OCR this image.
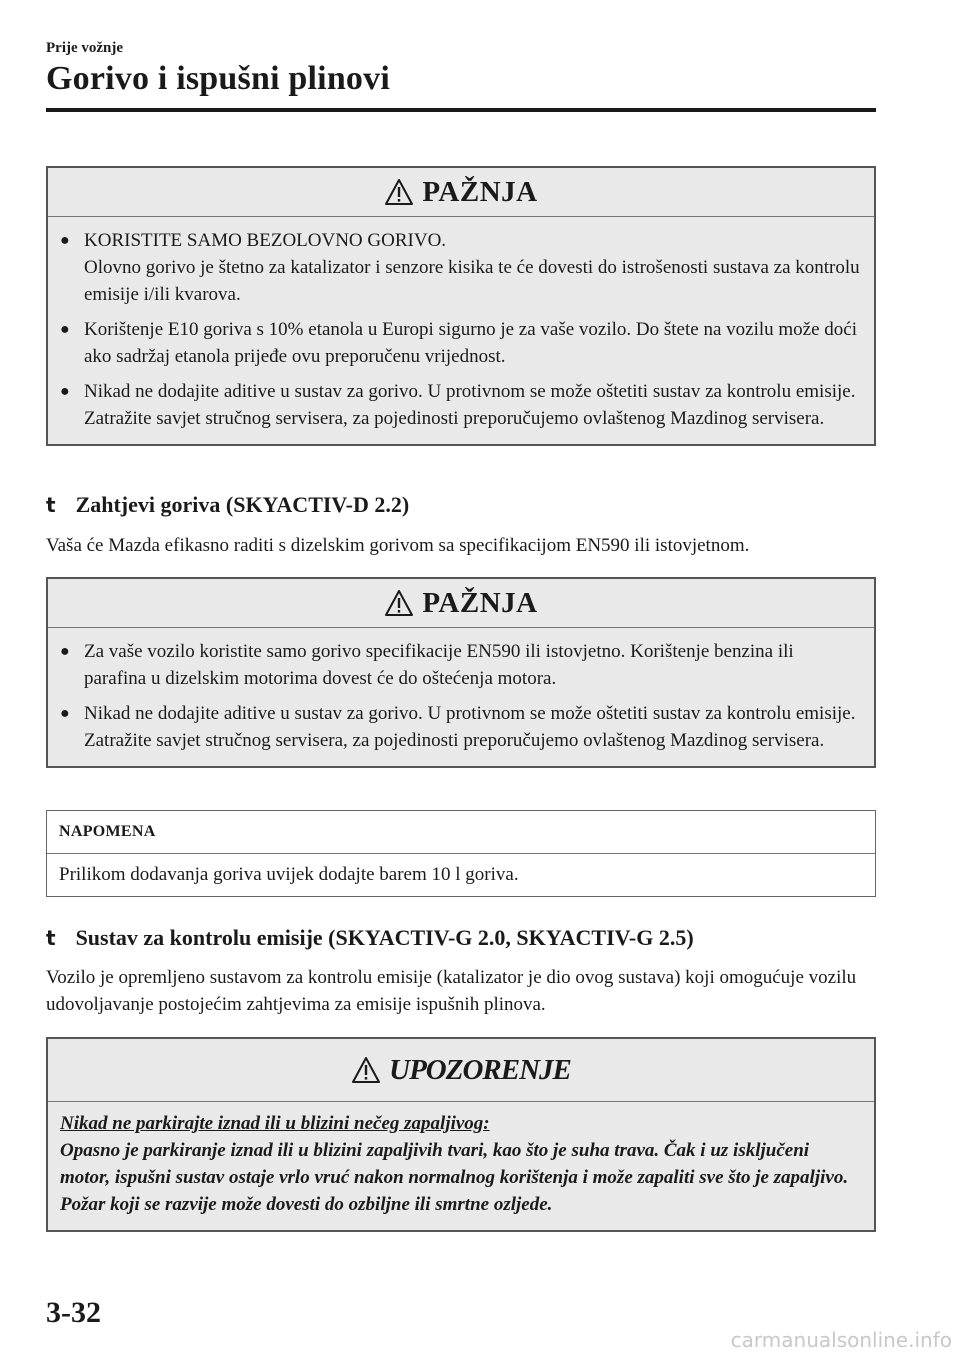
Prije vožnje
Gorivo i ispušni plinovi
PAŽNJA
● KORISTITE SAMO BEZOLOVNO GORIVO.
Olovno gorivo je štetno za katalizator i senzore kisika te će dovesti do istrošenosti sustava za kontrolu emisije i/ili kvarova.
● Korištenje E10 goriva s 10% etanola u Europi sigurno je za vaše vozilo. Do štete na vozilu može doći ako sadržaj etanola prijeđe ovu preporučenu vrijednost.
● Nikad ne dodajite aditive u sustav za gorivo. U protivnom se može oštetiti sustav za kontrolu emisije. Zatražite savjet stručnog servisera, za pojedinosti preporučujemo ovlaštenog Mazdinog servisera.
t Zahtjevi goriva (SKYACTIV-D 2.2)
Vaša će Mazda efikasno raditi s dizelskim gorivom sa specifikacijom EN590 ili istovjetnom.
PAŽNJA
● Za vaše vozilo koristite samo gorivo specifikacije EN590 ili istovjetno. Korištenje benzina ili parafina u dizelskim motorima dovest će do oštećenja motora.
● Nikad ne dodajite aditive u sustav za gorivo. U protivnom se može oštetiti sustav za kontrolu emisije. Zatražite savjet stručnog servisera, za pojedinosti preporučujemo ovlaštenog Mazdinog servisera.
NAPOMENA
Prilikom dodavanja goriva uvijek dodajte barem 10 l goriva.
t Sustav za kontrolu emisije (SKYACTIV-G 2.0, SKYACTIV-G 2.5)
Vozilo je opremljeno sustavom za kontrolu emisije (katalizator je dio ovog sustava) koji omogućuje vozilu udovoljavanje postojećim zahtjevima za emisije ispušnih plinova.
UPOZORENJE
Nikad ne parkirajte iznad ili u blizini nečeg zapaljivog:
Opasno je parkiranje iznad ili u blizini zapaljivih tvari, kao što je suha trava. Čak i uz isključeni motor, ispušni sustav ostaje vrlo vruć nakon normalnog korištenja i može zapaliti sve što je zapaljivo. Požar koji se razvije može dovesti do ozbiljne ili smrtne ozljede.
3-32
carmanualsonline.info
